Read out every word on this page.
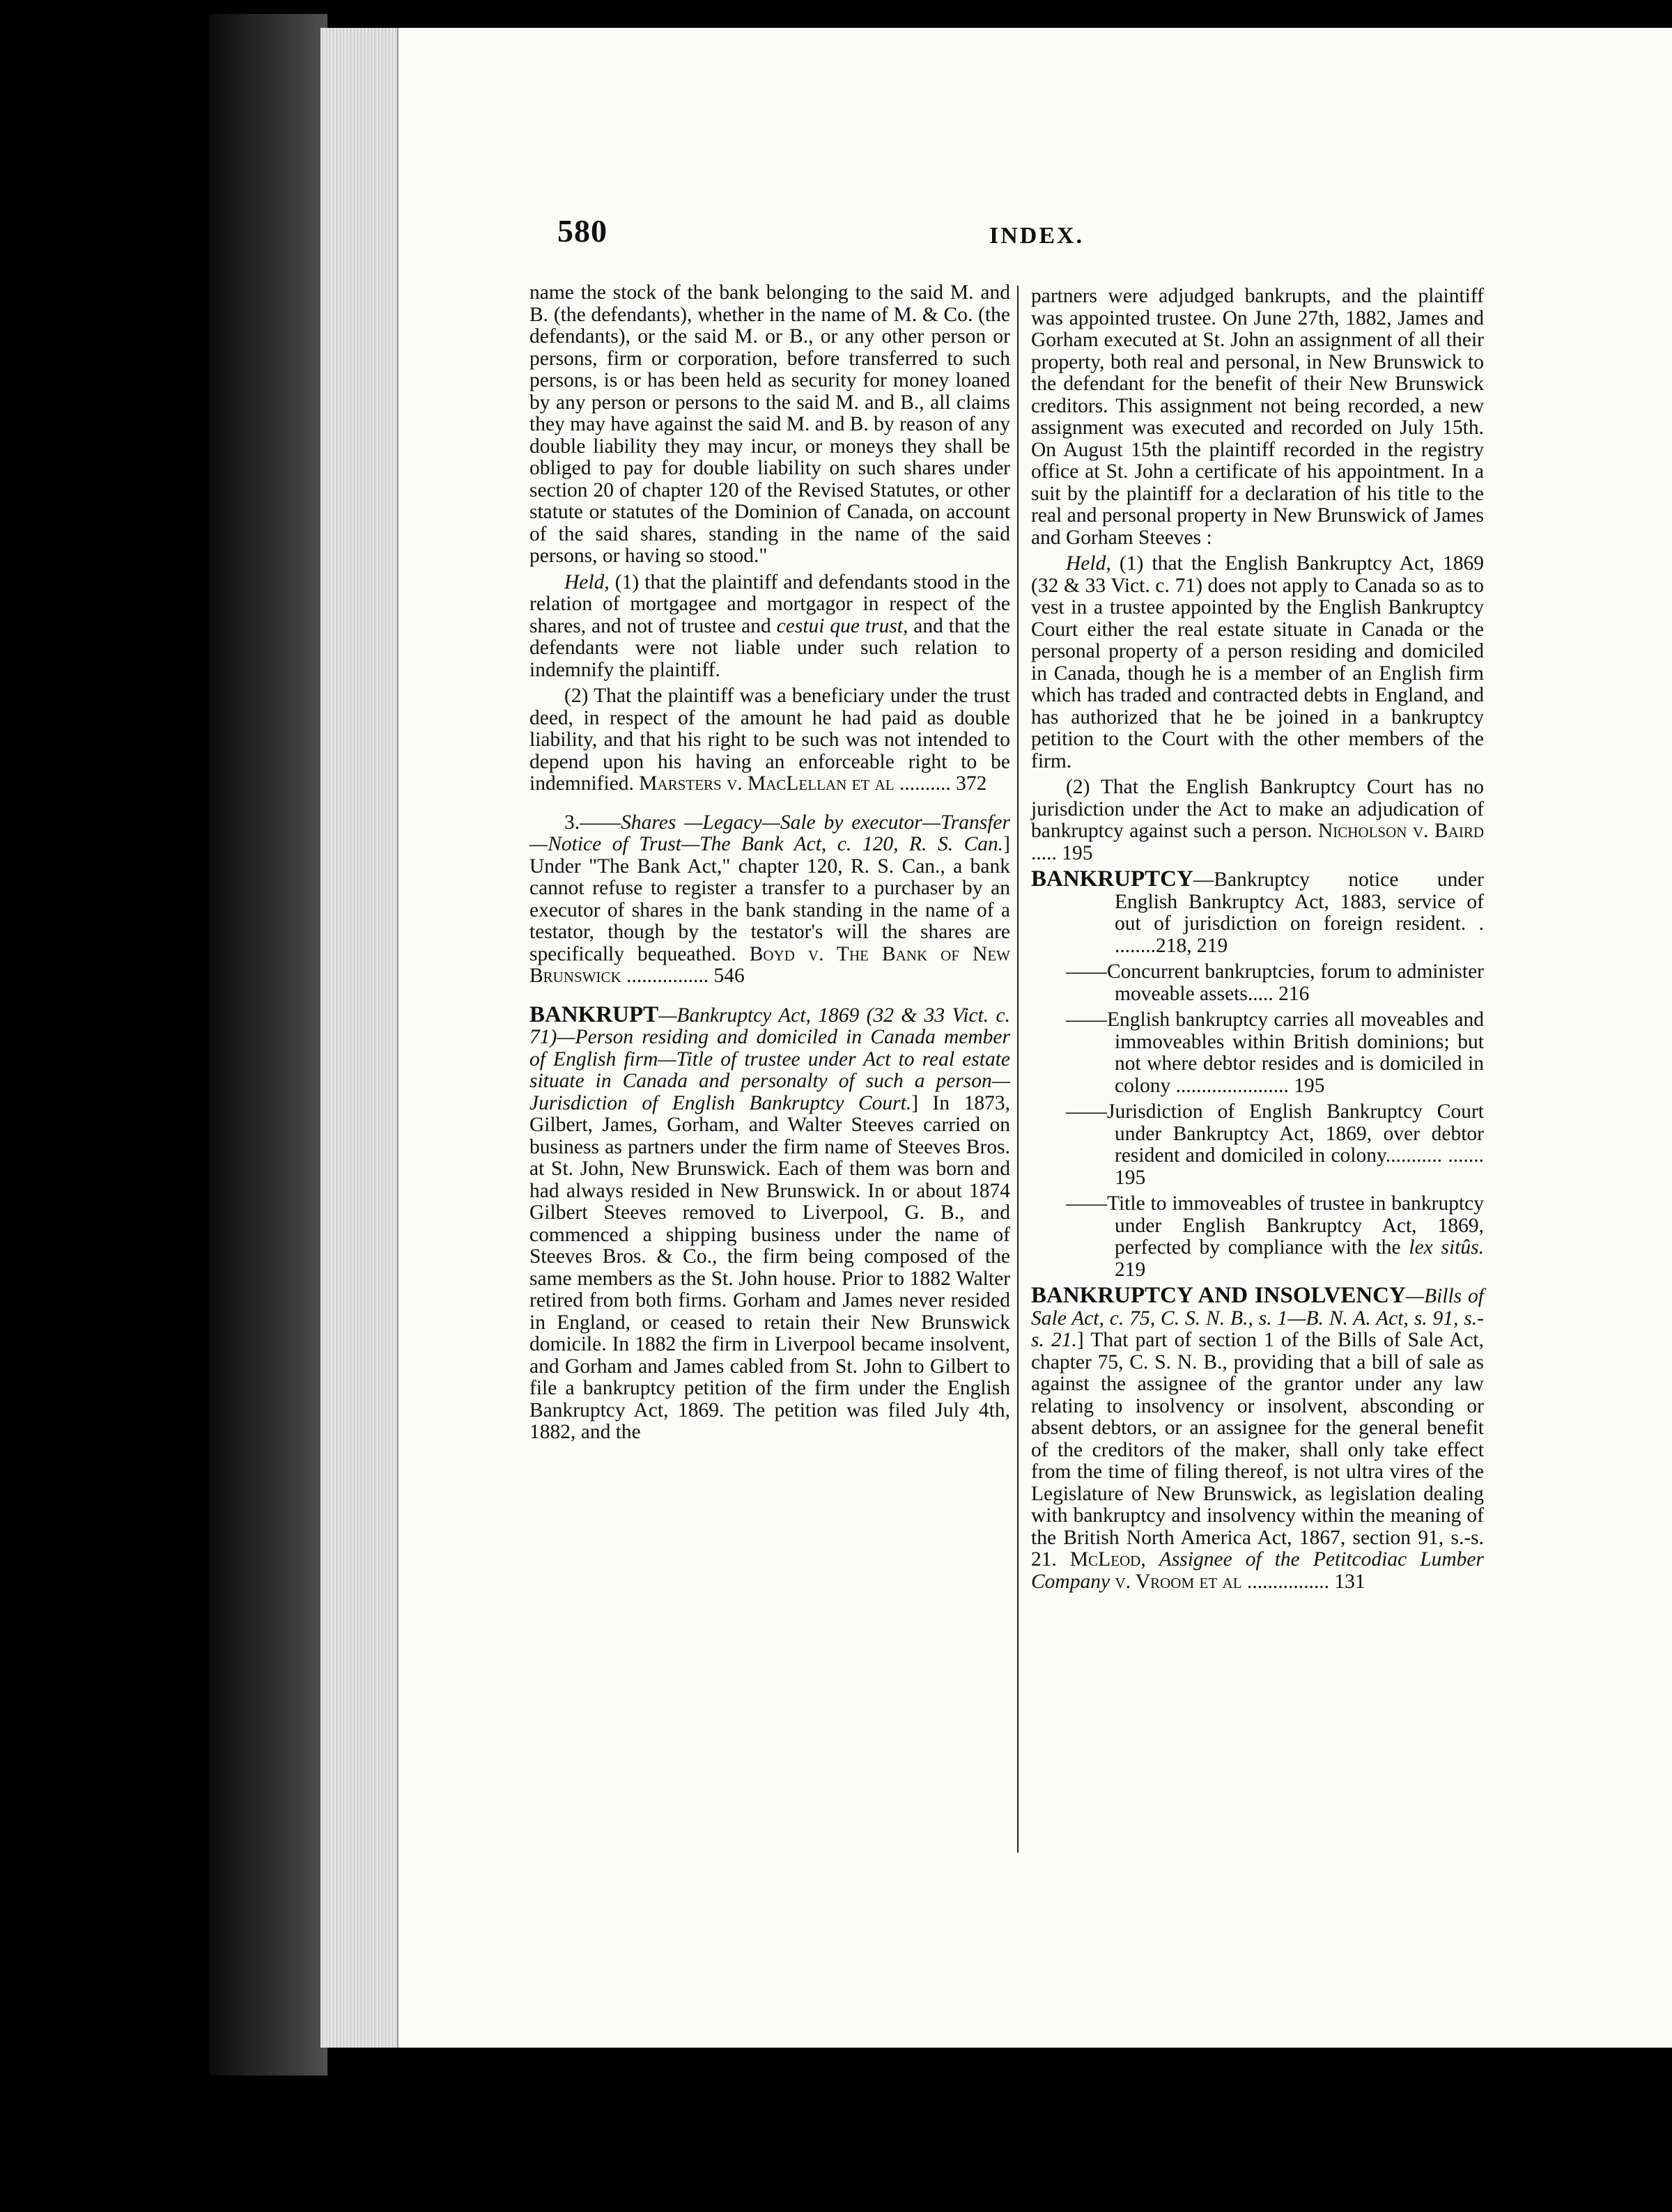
580	INDEX.

name the stock of the bank belonging to the said M. and B. (the defendants), whether in the name of M. & Co. (the defendants), or the said M. or B., or any other person or persons, firm or corporation, before transferred to such persons, is or has been held as security for money loaned by any person or persons to the said M. and B., all claims they may have against the said M. and B. by reason of any double liability they may incur, or moneys they shall be obliged to pay for double liability on such shares under section 20 of chapter 120 of the Revised Statutes, or other statute or statutes of the Dominion of Canada, on account of the said shares, standing in the name of the said persons, or having so stood."

Held, (1) that the plaintiff and defendants stood in the relation of mortgagee and mortgagor in respect of the shares, and not of trustee and cestui que trust, and that the defendants were not liable under such relation to indemnify the plaintiff.

(2) That the plaintiff was a beneficiary under the trust deed, in respect of the amount he had paid as double liability, and that his right to be such was not intended to depend upon his having an enforceable right to be indemnified. Marsters v. MacLellan et al .......... 372

3.——Shares —Legacy—Sale by executor—Transfer—Notice of Trust—The Bank Act, c. 120, R. S. Can.] Under "The Bank Act," chapter 120, R. S. Can., a bank cannot refuse to register a transfer to a purchaser by an executor of shares in the bank standing in the name of a testator, though by the testator's will the shares are specifically bequeathed. Boyd v. The Bank of New Brunswick ................ 546

BANKRUPT—Bankruptcy Act, 1869 (32 & 33 Vict. c. 71)—Person residing and domiciled in Canada member of English firm—Title of trustee under Act to real estate situate in Canada and personalty of such a person—Jurisdiction of English Bankruptcy Court.] In 1873, Gilbert, James, Gorham, and Walter Steeves carried on business as partners under the firm name of Steeves Bros. at St. John, New Brunswick. Each of them was born and had always resided in New Brunswick. In or about 1874 Gilbert Steeves removed to Liverpool, G. B., and commenced a shipping business under the name of Steeves Bros. & Co., the firm being composed of the same members as the St. John house. Prior to 1882 Walter retired from both firms. Gorham and James never resided in England, or ceased to retain their New Brunswick domicile. In 1882 the firm in Liverpool became insolvent, and Gorham and James cabled from St. John to Gilbert to file a bankruptcy petition of the firm under the English Bankruptcy Act, 1869. The petition was filed July 4th, 1882, and the

partners were adjudged bankrupts, and the plaintiff was appointed trustee. On June 27th, 1882, James and Gorham executed at St. John an assignment of all their property, both real and personal, in New Brunswick to the defendant for the benefit of their New Brunswick creditors. This assignment not being recorded, a new assignment was executed and recorded on July 15th. On August 15th the plaintiff recorded in the registry office at St. John a certificate of his appointment. In a suit by the plaintiff for a declaration of his title to the real and personal property in New Brunswick of James and Gorham Steeves :

Held, (1) that the English Bankruptcy Act, 1869 (32 & 33 Vict. c. 71) does not apply to Canada so as to vest in a trustee appointed by the English Bankruptcy Court either the real estate situate in Canada or the personal property of a person residing and domiciled in Canada, though he is a member of an English firm which has traded and contracted debts in England, and has authorized that he be joined in a bankruptcy petition to the Court with the other members of the firm.

(2) That the English Bankruptcy Court has no jurisdiction under the Act to make an adjudication of bankruptcy against such a person. Nicholson v. Baird ..... 195

BANKRUPTCY—Bankruptcy notice under English Bankruptcy Act, 1883, service of out of jurisdiction on foreign resident. . ........218, 219

——Concurrent bankruptcies, forum to administer moveable assets..... 216

——English bankruptcy carries all moveables and immoveables within British dominions; but not where debtor resides and is domiciled in colony ...................... 195

——Jurisdiction of English Bankruptcy Court under Bankruptcy Act, 1869, over debtor resident and domiciled in colony........... ....... 195

——Title to immoveables of trustee in bankruptcy under English Bankruptcy Act, 1869, perfected by compliance with the lex sitûs. 219

BANKRUPTCY AND INSOLVENCY—Bills of Sale Act, c. 75, C. S. N. B., s. 1—B. N. A. Act, s. 91, s.-s. 21.] That part of section 1 of the Bills of Sale Act, chapter 75, C. S. N. B., providing that a bill of sale as against the assignee of the grantor under any law relating to insolvency or insolvent, absconding or absent debtors, or an assignee for the general benefit of the creditors of the maker, shall only take effect from the time of filing thereof, is not ultra vires of the Legislature of New Brunswick, as legislation dealing with bankruptcy and insolvency within the meaning of the British North America Act, 1867, section 91, s.-s. 21. McLeod, Assignee of the Petitcodiac Lumber Company v. Vroom et al ................ 131
